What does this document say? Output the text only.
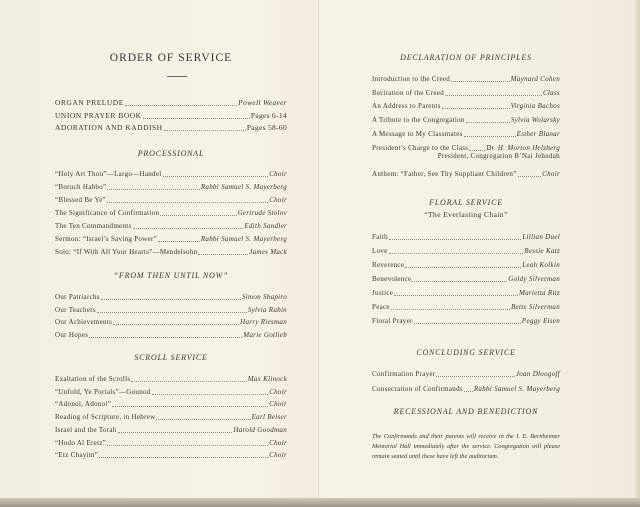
ORDER OF SERVICE
ORGAN PRELUDE	Powell Weaver
UNION PRAYER BOOK	Pages 6-14
ADORATION AND KADDISH	Pages 58-60
PROCESSIONAL
“Holy Art Thou”—Largo—Handel	Choir
“Boruch Habbo”	Rabbi Samuel S. Mayerberg
“Blessed Be Ye”	Choir
The Significance of Confirmation	Gertrude Stolov
The Ten Commandments	Edith Sandler
Sermon: “Israel’s Saving Power”	Rabbi Samuel S. Mayerberg
Solo: “If With All Your Hearts”—Mendelsohn	James Mack
“FROM THEN UNTIL NOW”
Our Patriarchs	Simon Shapiro
Our Teachers	Sylvia Rabin
Our Achievements	Harry Riesman
Our Hopes	Marie Gotlieb
SCROLL SERVICE
Exaltation of the Scrolls	Max Klinock
“Unfold, Ye Portals”—Gounod	Choir
“Adonoi, Adonoi”	Choir
Reading of Scripture, in Hebrew	Earl Beiser
Israel and the Torah	Harold Goodman
“Hodo Al Eretz”	Choir
“Etz Chayim”	Choir
DECLARATION OF PRINCIPLES
Introduction to the Creed	Maynard Cohen
Recitation of the Creed	Class
An Address to Parents	Virginia Bachos
A Tribute to the Congregation	Sylvia Wolarsky
A Message to My Classmates	Esther Blanar
President’s Charge to the Class	Dr. H. Morton Helzberg
President, Congregation B’Nai Jehudah
Anthem: “Father, See Thy Suppliant Children”	Choir
FLORAL SERVICE
“The Everlasting Chain”
Faith	Lillian Duel
Love	Bessie Katz
Reverence	Leah Kolkin
Benevolence	Goldy Silverman
Justice	Marietta Ritz
Peace	Bette Silverman
Floral Prayer	Peggy Eisen
CONCLUDING SERVICE
Confirmation Prayer	Joan Dloogoff
Consecration of Confirmands Rabbi Samuel S. Mayerberg
RECESSIONAL AND BENEDICTION
The Confirmands and their parents will receive in the I. E. Bernheimer Memorial Hall immediately after the service. Congregation will please remain seated until these have left the auditorium.
